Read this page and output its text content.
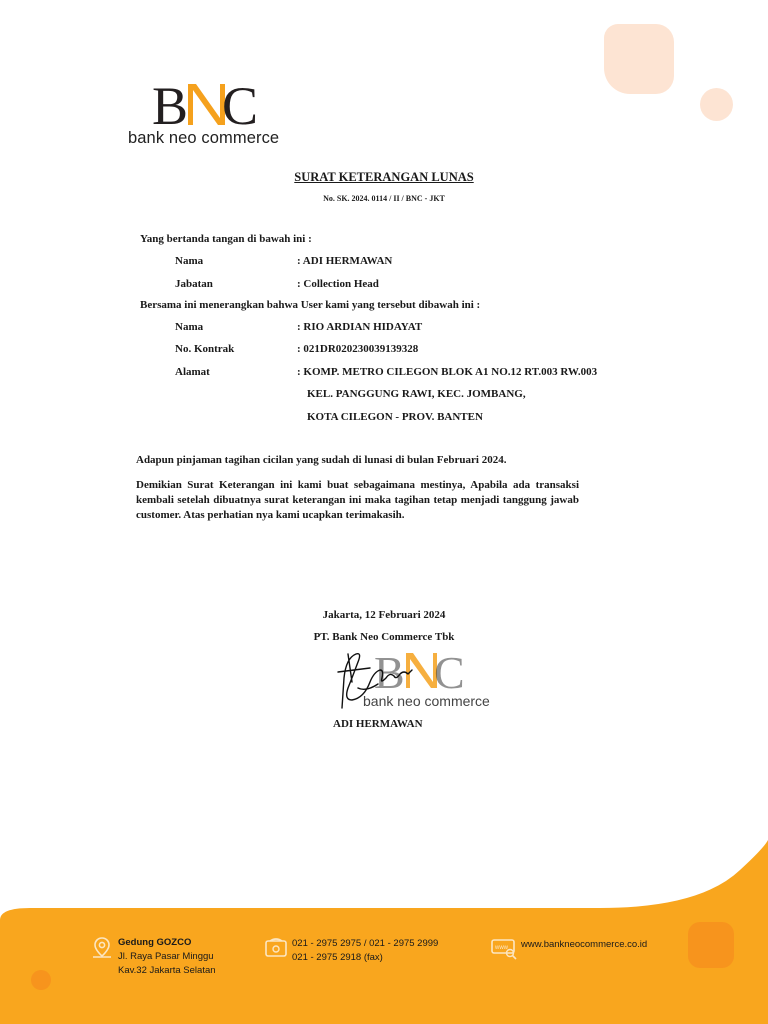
B C
bank neo commerce
SURAT KETERANGAN LUNAS
No. SK. 2024. 0114 / II / BNC - JKT
Yang bertanda tangan di bawah ini :
Nama	: ADI HERMAWAN
Jabatan	: Collection Head
Bersama ini menerangkan bahwa User kami yang tersebut dibawah ini :
Nama	: RIO ARDIAN HIDAYAT
No. Kontrak	: 021DR020230039139328
Alamat	: KOMP. METRO CILEGON BLOK A1 NO.12 RT.003 RW.003
KEL. PANGGUNG RAWI, KEC. JOMBANG,
KOTA CILEGON - PROV. BANTEN
Adapun pinjaman tagihan cicilan yang sudah di lunasi di bulan Februari 2024.
Demikian Surat Keterangan ini kami buat sebagaimana mestinya, Apabila ada transaksi kembali setelah dibuatnya surat keterangan ini maka tagihan tetap menjadi tanggung jawab customer. Atas perhatian nya kami ucapkan terimakasih.
Jakarta, 12 Februari 2024
PT. Bank Neo Commerce Tbk
B C
bank neo commerce
ADI HERMAWAN
Gedung GOZCO
Jl. Raya Pasar Minggu
Kav.32 Jakarta Selatan
021 - 2975 2975 / 021 - 2975 2999
021 - 2975 2918 (fax)
www www.bankneocommerce.co.id
